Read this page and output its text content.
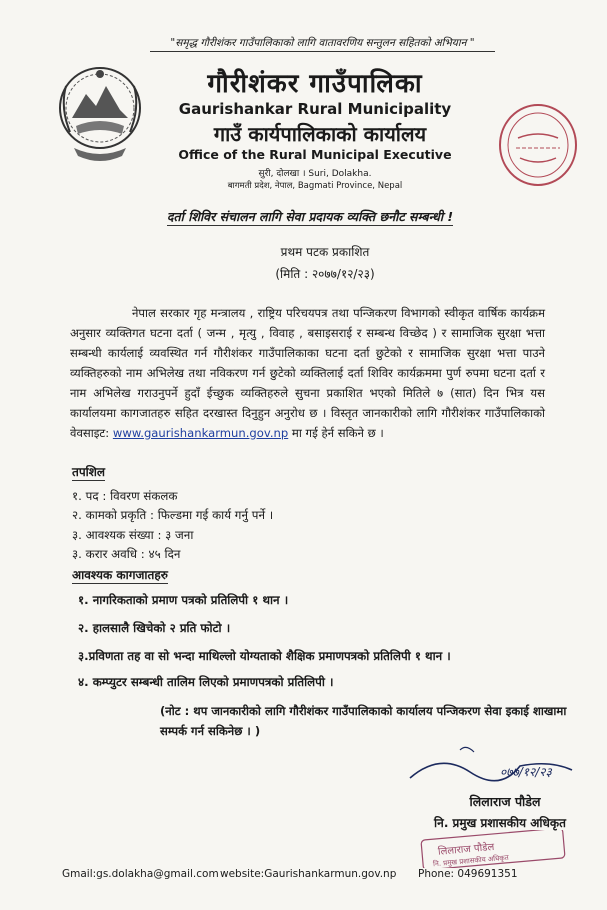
"समृद्ध गौरीशंकर गाउँपालिकाको लागि वातावरणिय सन्तुलन सहितको अभियान "
गौरीशंकर गाउँपालिका
Gaurishankar Rural Municipality
गाउँ कार्यपालिकाको कार्यालय
Office of the Rural Municipal Executive
सुरी, दोलखा । Suri, Dolakha.
बागमती प्रदेश, नेपाल, Bagmati Province, Nepal
दर्ता शिविर संचालन लागि सेवा प्रदायक व्यक्ति छनौट सम्बन्धी !
प्रथम पटक प्रकाशित
(मिति : २०७७/१२/२३)
नेपाल सरकार गृह मन्त्रालय , राष्ट्रिय परिचयपत्र तथा पन्जिकरण विभागको स्वीकृत वार्षिक कार्यक्रम अनुसार व्यक्तिगत घटना दर्ता ( जन्म , मृत्यु , विवाह , बसाइसराई र सम्बन्ध विच्छेद ) र सामाजिक सुरक्षा भत्ता सम्बन्धी कार्यलाई व्यवस्थित गर्न गौरीशंकर गाउँपालिकाका घटना दर्ता छुटेको र सामाजिक सुरक्षा भत्ता पाउने व्यक्तिहरुको नाम अभिलेख तथा नविकरण गर्न छुटेको व्यक्तिलाई दर्ता शिविर कार्यक्रममा पुर्ण रुपमा घटना दर्ता र नाम अभिलेख गराउनुपर्ने हुदाँ ईच्छुक व्यक्तिहरुले सुचना प्रकाशित भएको मितिले ७ (सात) दिन भित्र यस कार्यालयमा कागजातहरु सहित दरखास्त दिनुहुन अनुरोध छ । विस्तृत जानकारीको लागि गौरीशंकर गाउँपालिकाको वेवसाइट: www.gaurishankarmun.gov.np मा गई हेर्न सकिने छ ।
तपशिल
१. पद : विवरण संकलक
२. कामको प्रकृति : फिल्डमा गई कार्य गर्नु पर्ने ।
३. आवश्यक संख्या : ३ जना
३. करार अवधि : ४५ दिन
आवश्यक कागजातहरु
१. नागरिकताको प्रमाण पत्रको प्रतिलिपी १ थान ।
२. हालसालै खिचेको २ प्रति फोटो ।
३.प्रविणता तह वा सो भन्दा माथिल्लो योग्यताको शैक्षिक प्रमाणपत्रको प्रतिलिपी १ थान ।
४. कम्प्युटर सम्बन्धी तालिम लिएको प्रमाणपत्रको प्रतिलिपी ।
(नोट : थप जानकारीको लागि गौरीशंकर गाउँपालिकाको कार्यालय पन्जिकरण सेवा इकाई शाखामा सम्पर्क गर्न सकिनेछ । )
०७७/१२/२३
लिलाराज पौडेल
नि. प्रमुख प्रशासकीय अधिकृत
लिलाराज पौडेल
नि. प्रमुख प्रशासकीय अधिकृत
Gmail:gs.dolakha@gmail.com website:Gaurishankarmun.gov.np Phone: 049691351
